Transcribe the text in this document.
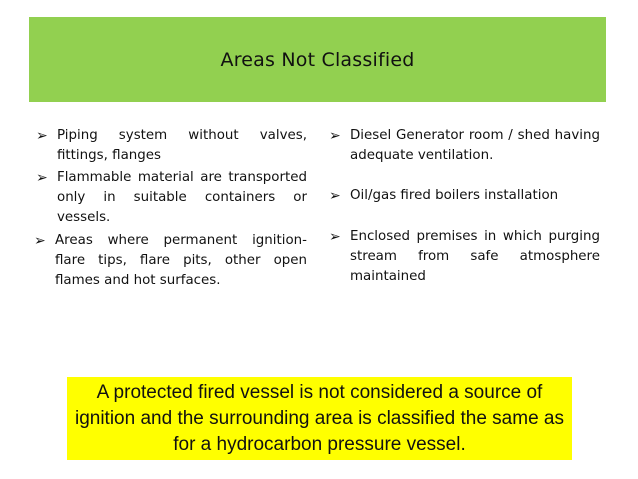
Areas Not Classified
➢ Piping system without valves, fittings, flanges
➢ Flammable material are transported only in suitable containers or vessels.
➢ Areas where permanent ignition- flare tips, flare pits, other open flames and hot surfaces.
➢ Diesel Generator room / shed having adequate ventilation.
➢ Oil/gas fired boilers installation
➢ Enclosed premises in which purging stream from safe atmosphere maintained

A protected fired vessel is not considered a source of ignition and the surrounding area is classified the same as for a hydrocarbon pressure vessel.
